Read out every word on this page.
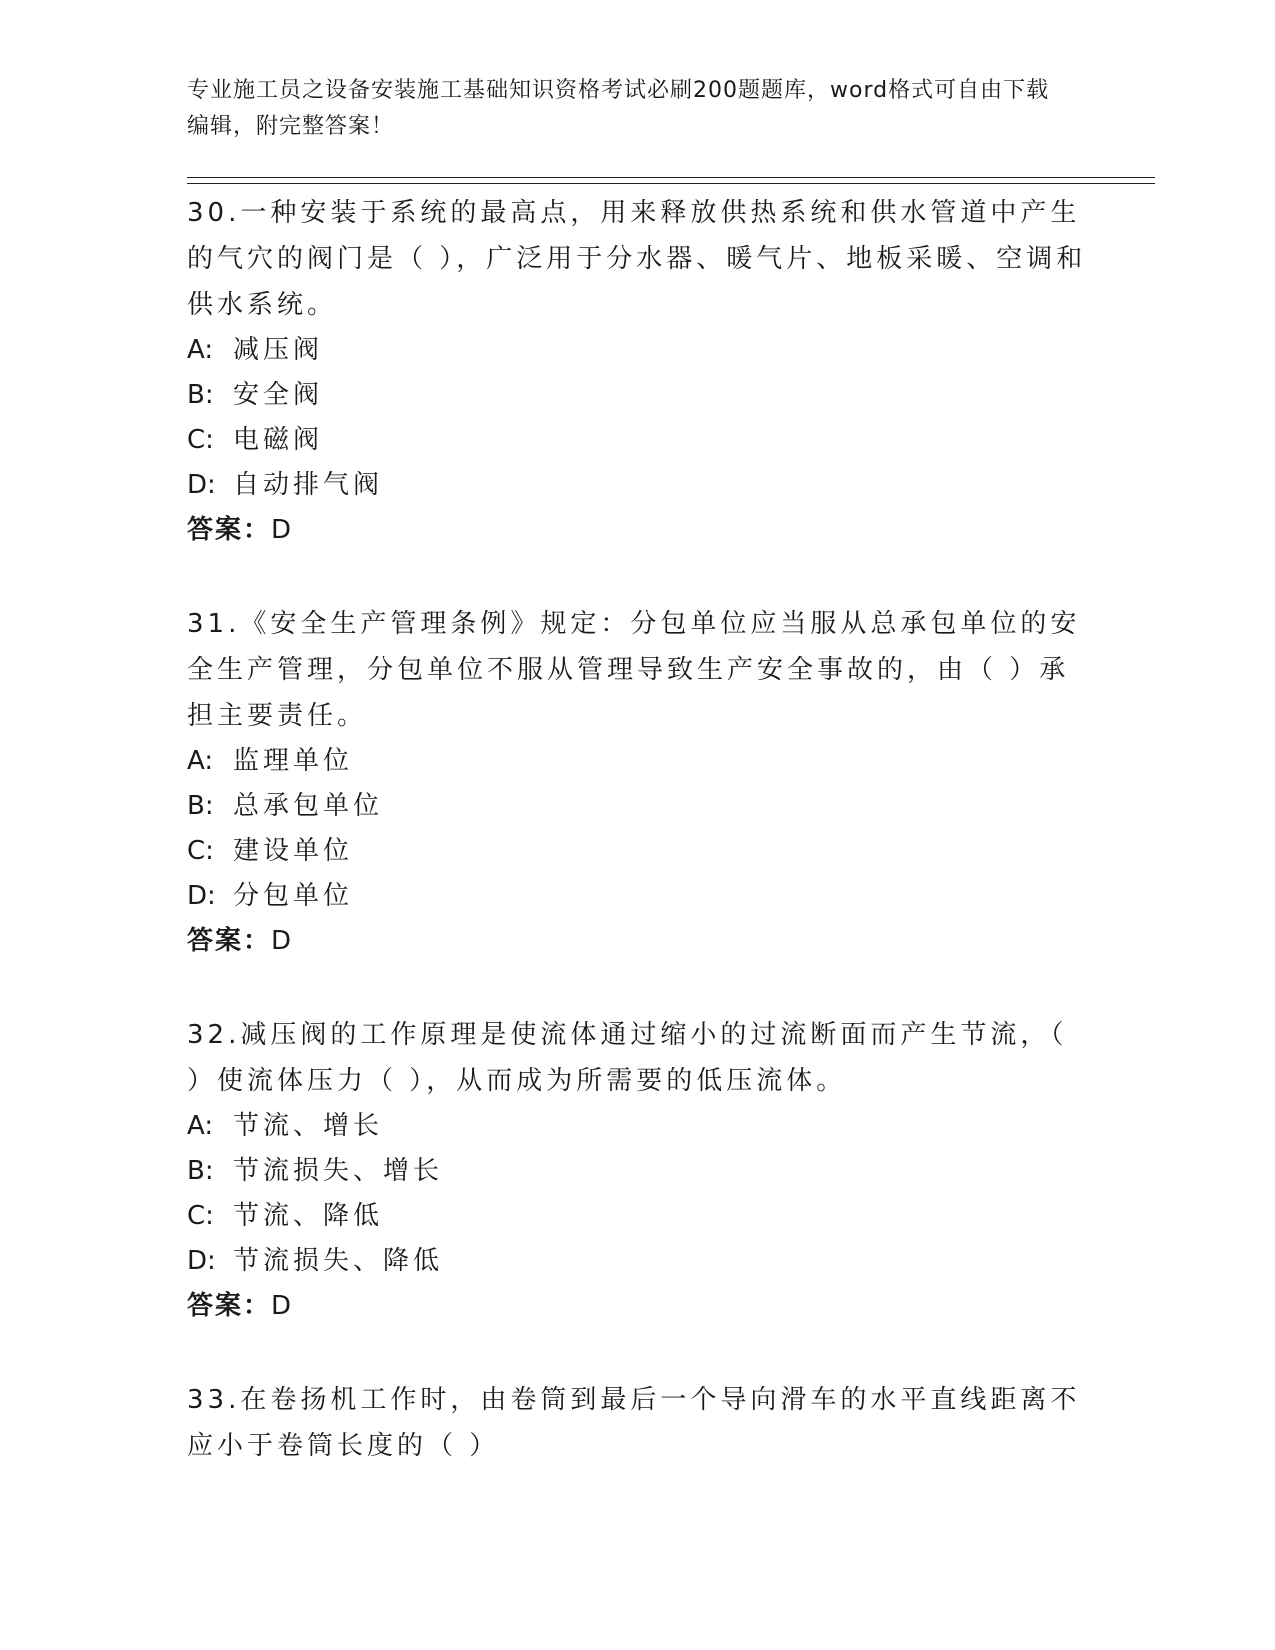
专业施工员之设备安装施工基础知识资格考试必刷200题题库，word格式可自由下载编辑，附完整答案！

30.一种安装于系统的最高点，用来释放供热系统和供水管道中产生的气穴的阀门是（ ），广泛用于分水器、暖气片、地板采暖、空调和供水系统。

A: 减压阀
B: 安全阀
C: 电磁阀
D: 自动排气阀

答案：D

31.《安全生产管理条例》规定：分包单位应当服从总承包单位的安全生产管理，分包单位不服从管理导致生产安全事故的，由（ ）承担主要责任。

A: 监理单位
B: 总承包单位
C: 建设单位
D: 分包单位

答案：D

32.减压阀的工作原理是使流体通过缩小的过流断面而产生节流，（ ）使流体压力（ ），从而成为所需要的低压流体。

A: 节流、增长
B: 节流损失、增长
C: 节流、降低
D: 节流损失、降低

答案：D

33.在卷扬机工作时，由卷筒到最后一个导向滑车的水平直线距离不应小于卷筒长度的（ ）
